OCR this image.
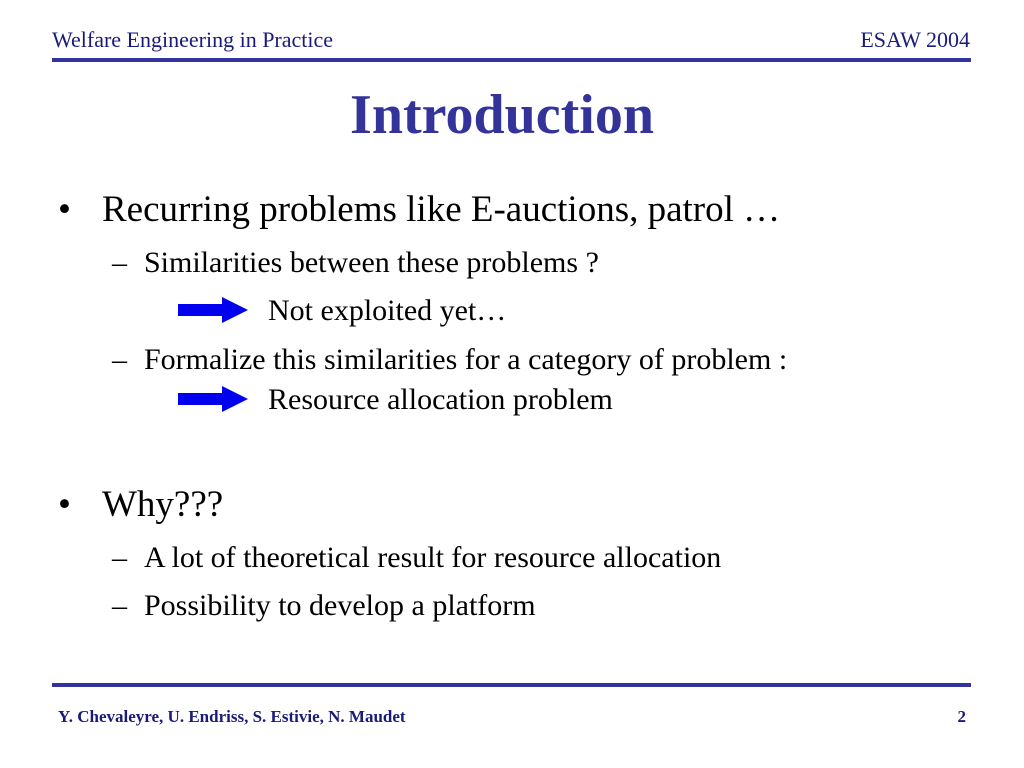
Welfare Engineering in Practice	ESAW 2004
Introduction
• Recurring problems like E-auctions, patrol …
– Similarities between these problems ?
Not exploited yet…
– Formalize this similarities for a category of problem :
Resource allocation problem
• Why???
– A lot of theoretical result for resource allocation
– Possibility to develop a platform
Y. Chevaleyre, U. Endriss, S. Estivie, N. Maudet	2
